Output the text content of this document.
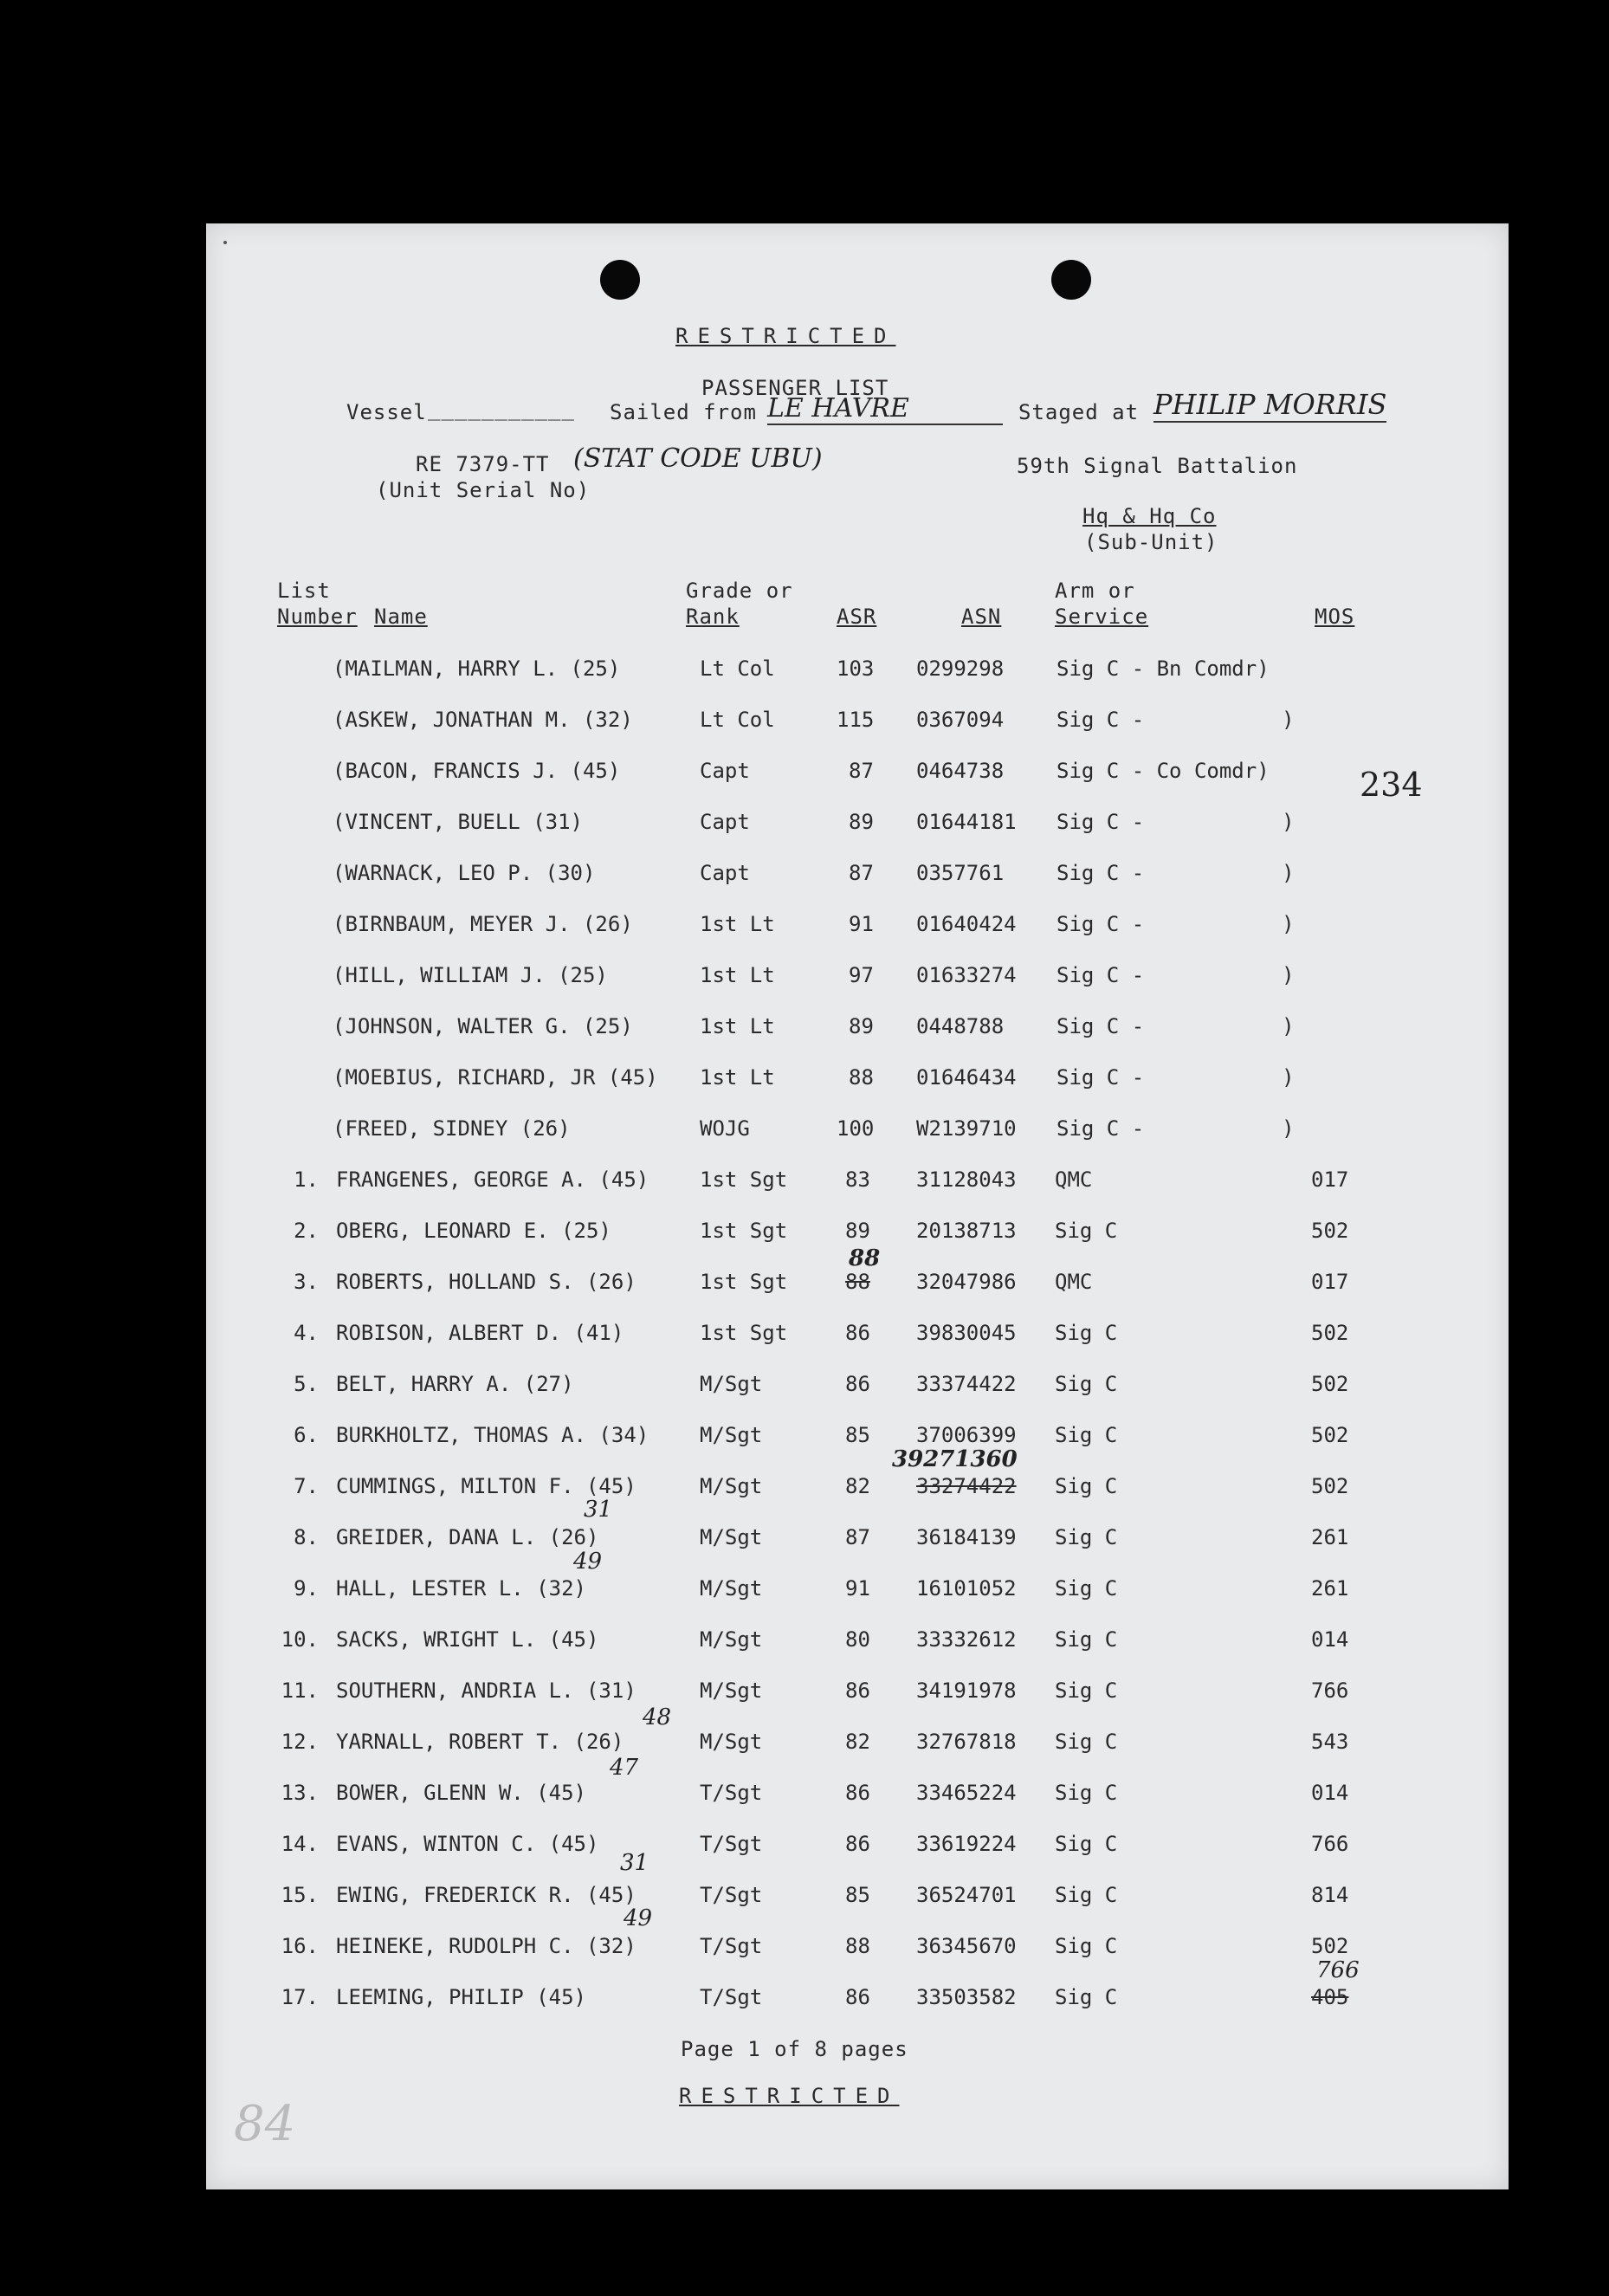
RESTRICTED
PASSENGER LIST
Vessel ___________ Sailed from LE HAVRE	Staged at PHILIP MORRIS
RE 7379-TT
(Unit Serial No)
(STAT CODE UBU)	59th Signal Battalion
Hq & Hq Co
(Sub-Unit)
234
List
Number Name
Grade or
Rank	ASR	ASN
Arm or
Service	MOS
(MAILMAN, HARRY L. (25)	Lt Col	103 0299298	Sig C - Bn Comdr)
(ASKEW, JONATHAN M. (32)	Lt Col	115 0367094	Sig C -           )
(BACON, FRANCIS J. (45)	Capt	87 0464738	Sig C - Co Comdr)
(VINCENT, BUELL (31)	Capt	89 01644181 Sig C -           )
(WARNACK, LEO P. (30)	Capt	87 0357761	Sig C -           )
(BIRNBAUM, MEYER J. (26)	1st Lt	91 01640424 Sig C -           )
(HILL, WILLIAM J. (25)	1st Lt	97 01633274 Sig C -           )
(JOHNSON, WALTER G. (25)	1st Lt	89 0448788	Sig C -           )
(MOEBIUS, RICHARD, JR (45) 1st Lt	88 01646434 Sig C -           )
(FREED, SIDNEY (26)	WOJG	100 W2139710 Sig C -           )
1. FRANGENES, GEORGE A. (45) 1st Sgt	83 31128043 QMC	017
2. OBERG, LEONARD E. (25)	1st Sgt	89 20138713 Sig C	502
3. ROBERTS, HOLLAND S. (26)	1st Sgt	88 32047986 QMC	017
4. ROBISON, ALBERT D. (41)	1st Sgt	86 39830045 Sig C	502
5. BELT, HARRY A. (27)	M/Sgt	86 33374422 Sig C	502
6. BURKHOLTZ, THOMAS A. (34) M/Sgt	85 37006399 Sig C	502
7. CUMMINGS, MILTON F. (45)	M/Sgt	82 33274422 Sig C	502
8. GREIDER, DANA L. (26)	M/Sgt	87 36184139 Sig C	261
9. HALL, LESTER L. (32)	M/Sgt	91 16101052 Sig C	261
10. SACKS, WRIGHT L. (45)	M/Sgt	80 33332612 Sig C	014
11. SOUTHERN, ANDRIA L. (31)	M/Sgt	86 34191978 Sig C	766
12. YARNALL, ROBERT T. (26)	M/Sgt	82 32767818 Sig C	543
13. BOWER, GLENN W. (45)	T/Sgt	86 33465224 Sig C	014
14. EVANS, WINTON C. (45)	T/Sgt	86 33619224 Sig C	766
15. EWING, FREDERICK R. (45)	T/Sgt	85 36524701 Sig C	814
16. HEINEKE, RUDOLPH C. (32)	T/Sgt	88 36345670 Sig C	502
17. LEEMING, PHILIP (45)	T/Sgt	86 33503582 Sig C	405
88
39271360
31
49
48
47
31
49
766
Page 1 of 8 pages
RESTRICTED
84
